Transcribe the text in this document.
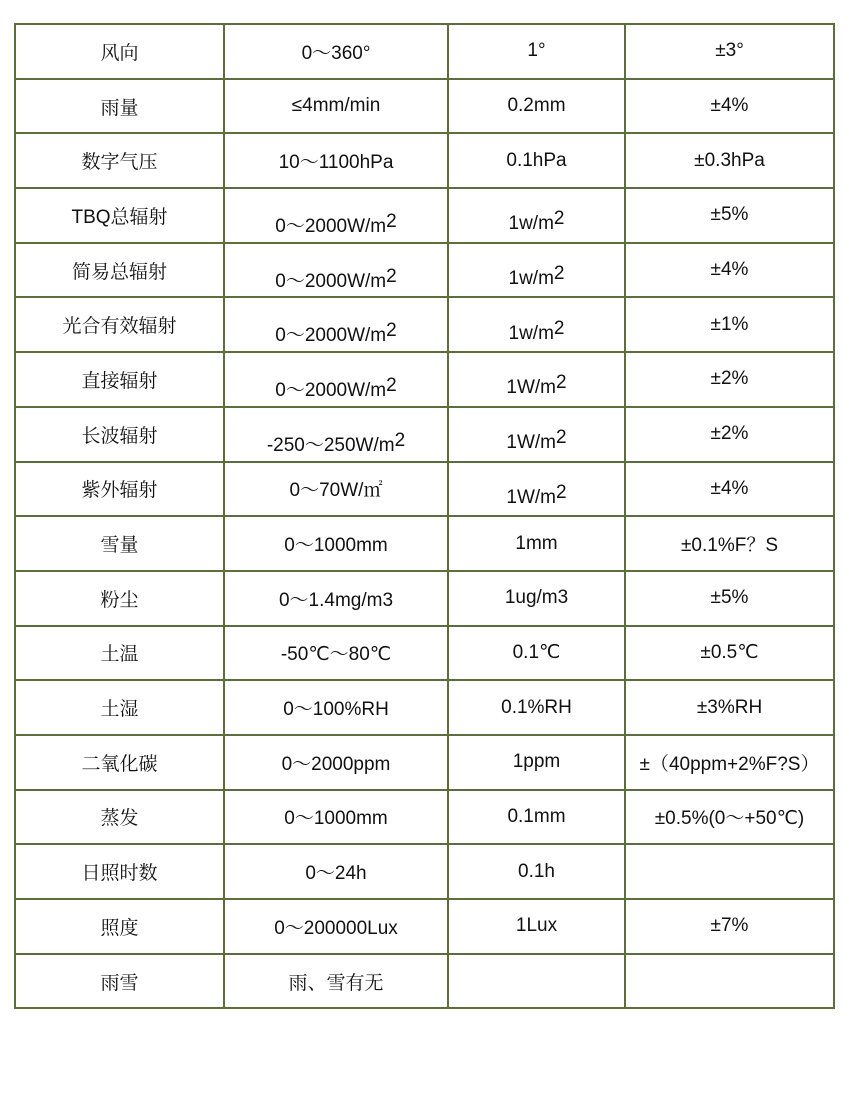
风向	0～360°	1°	±3°
雨量	≤4mm/min	0.2mm	±4%
数字气压	10～1100hPa	0.1hPa	±0.3hPa
TBQ总辐射	$0\sim 2000W/m^2$	$1w/m^2$	±5%
简易总辐射	$0\sim 2000W/m^2$	$1w/m^2$	±4%
光合有效辐射	$0\sim 2000W/m^2$	$1w/m^2$	±1%
直接辐射	$0\sim 2000W/m^2$	$1W/m^2$	±2%
长波辐射	$-250\sim 250W/m^2$	$1W/m^2$	±2%
紫外辐射	0～70W/㎡	$1W/m^2$	±4%
雪量	0～1000mm	1mm	±0.1%F？S
粉尘	0～1.4mg/m3	1ug/m3	±5%
土温	-50℃～80℃	0.1℃	±0.5℃
土湿	0～100%RH	0.1%RH	±3%RH
二氧化碳	0～2000ppm	1ppm	±（40ppm+2%F?S）
蒸发	0～1000mm	0.1mm	±0.5%(0～+50℃)
日照时数	0～24h	0.1h	
照度	0～200000Lux	1Lux	±7%
雨雪	雨、雪有无		
